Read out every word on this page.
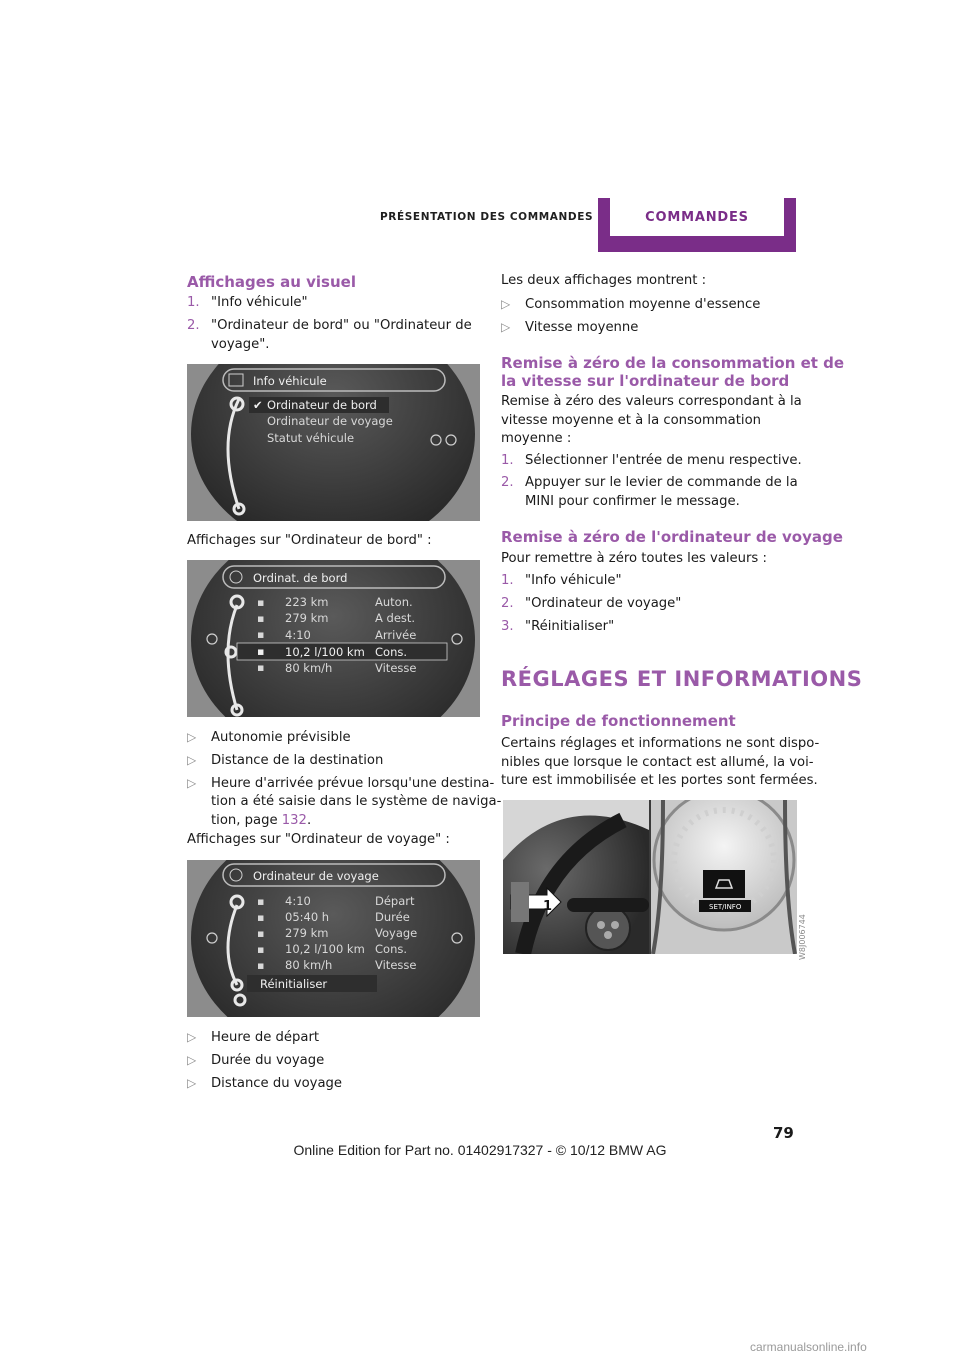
PRÉSENTATION DES COMMANDES	COMMANDES
Affichages au visuel
1. "Info véhicule"
2. "Ordinateur de bord" ou "Ordinateur de
voyage".
Info véhicule
✔ Ordinateur de bord
Ordinateur de voyage
Statut véhicule
Affichages sur "Ordinateur de bord" :
Ordinat. de bord
▪
▪
▪
▪
▪
223 km	Auton.
279 km	A dest.
4:10	Arrivée
10,2 l/100 km Cons.
80 km/h	Vitesse
▷ Autonomie prévisible
▷ Distance de la destination
▷ Heure d'arrivée prévue lorsqu'une destina-
tion a été saisie dans le système de naviga-
tion, page 132.
Affichages sur "Ordinateur de voyage" :
Ordinateur de voyage
▪
▪
▪
▪
▪
4:10	Départ
05:40 h	Durée
279 km	Voyage
10,2 l/100 km Cons.
80 km/h	Vitesse
Réinitialiser
▷ Heure de départ
▷ Durée du voyage
▷ Distance du voyage
Les deux affichages montrent :
▷ Consommation moyenne d'essence
▷ Vitesse moyenne
Remise à zéro de la consommation et de
la vitesse sur l'ordinateur de bord
Remise à zéro des valeurs correspondant à la
vitesse moyenne et à la consommation
moyenne :
1. Sélectionner l'entrée de menu respective.
2. Appuyer sur le levier de commande de la
MINI pour confirmer le message.
Remise à zéro de l'ordinateur de voyage
Pour remettre à zéro toutes les valeurs :
1. "Info véhicule"
2. "Ordinateur de voyage"
3. "Réinitialiser"
RÉGLAGES ET INFORMATIONS
Principe de fonctionnement
Certains réglages et informations ne sont dispo-
nibles que lorsque le contact est allumé, la voi-
ture est immobilisée et les portes sont fermées.
1	SET/INFO
W8J006744
79
Online Edition for Part no. 01402917327 - © 10/12 BMW AG
carmanualsonline.info
